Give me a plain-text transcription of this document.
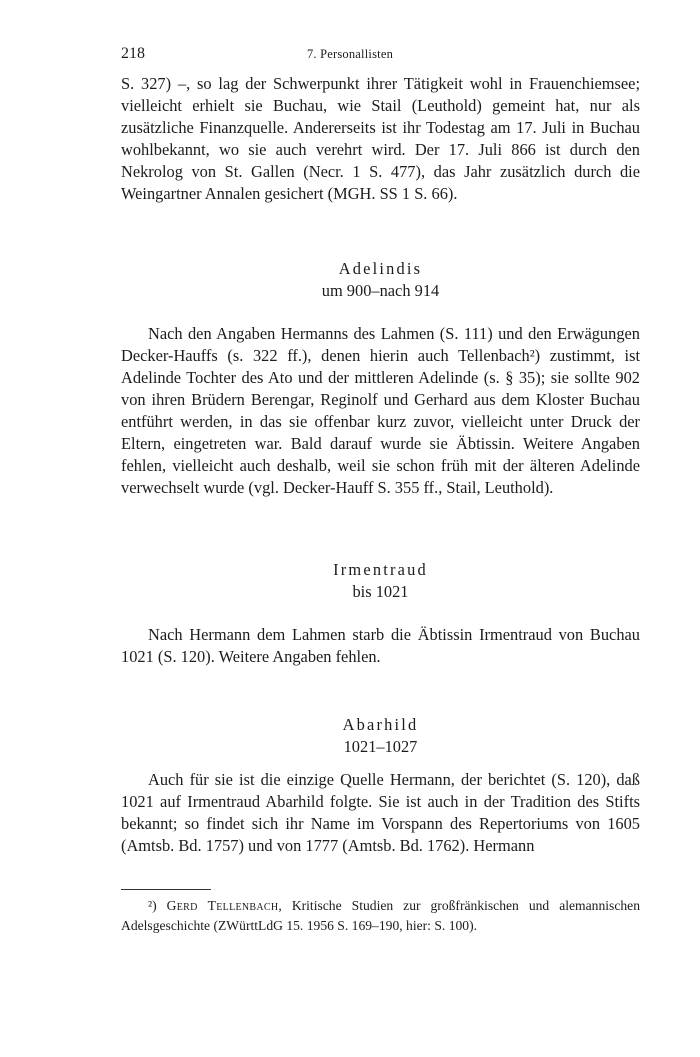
218	7. Personallisten

S. 327) –, so lag der Schwerpunkt ihrer Tätigkeit wohl in Frauenchiemsee; vielleicht erhielt sie Buchau, wie Stail (Leuthold) gemeint hat, nur als zusätzliche Finanzquelle. Andererseits ist ihr Todestag am 17. Juli in Buchau wohlbekannt, wo sie auch verehrt wird. Der 17. Juli 866 ist durch den Nekrolog von St. Gallen (Necr. 1 S. 477), das Jahr zusätzlich durch die Weingartner Annalen gesichert (MGH. SS 1 S. 66).

Adelindis
um 900–nach 914

Nach den Angaben Hermanns des Lahmen (S. 111) und den Erwägungen Decker-Hauffs (s. 322 ff.), denen hierin auch Tellenbach²) zustimmt, ist Adelinde Tochter des Ato und der mittleren Adelinde (s. § 35); sie sollte 902 von ihren Brüdern Berengar, Reginolf und Gerhard aus dem Kloster Buchau entführt werden, in das sie offenbar kurz zuvor, vielleicht unter Druck der Eltern, eingetreten war. Bald darauf wurde sie Äbtissin. Weitere Angaben fehlen, vielleicht auch deshalb, weil sie schon früh mit der älteren Adelinde verwechselt wurde (vgl. Decker-Hauff S. 355 ff., Stail, Leuthold).

Irmentraud
bis 1021

Nach Hermann dem Lahmen starb die Äbtissin Irmentraud von Buchau 1021 (S. 120). Weitere Angaben fehlen.

Abarhild
1021–1027

Auch für sie ist die einzige Quelle Hermann, der berichtet (S. 120), daß 1021 auf Irmentraud Abarhild folgte. Sie ist auch in der Tradition des Stifts bekannt; so findet sich ihr Name im Vorspann des Repertoriums von 1605 (Amtsb. Bd. 1757) und von 1777 (Amtsb. Bd. 1762). Hermann

²) Gerd Tellenbach, Kritische Studien zur großfränkischen und alemannischen Adelsgeschichte (ZWürttLdG 15. 1956 S. 169–190, hier: S. 100).
